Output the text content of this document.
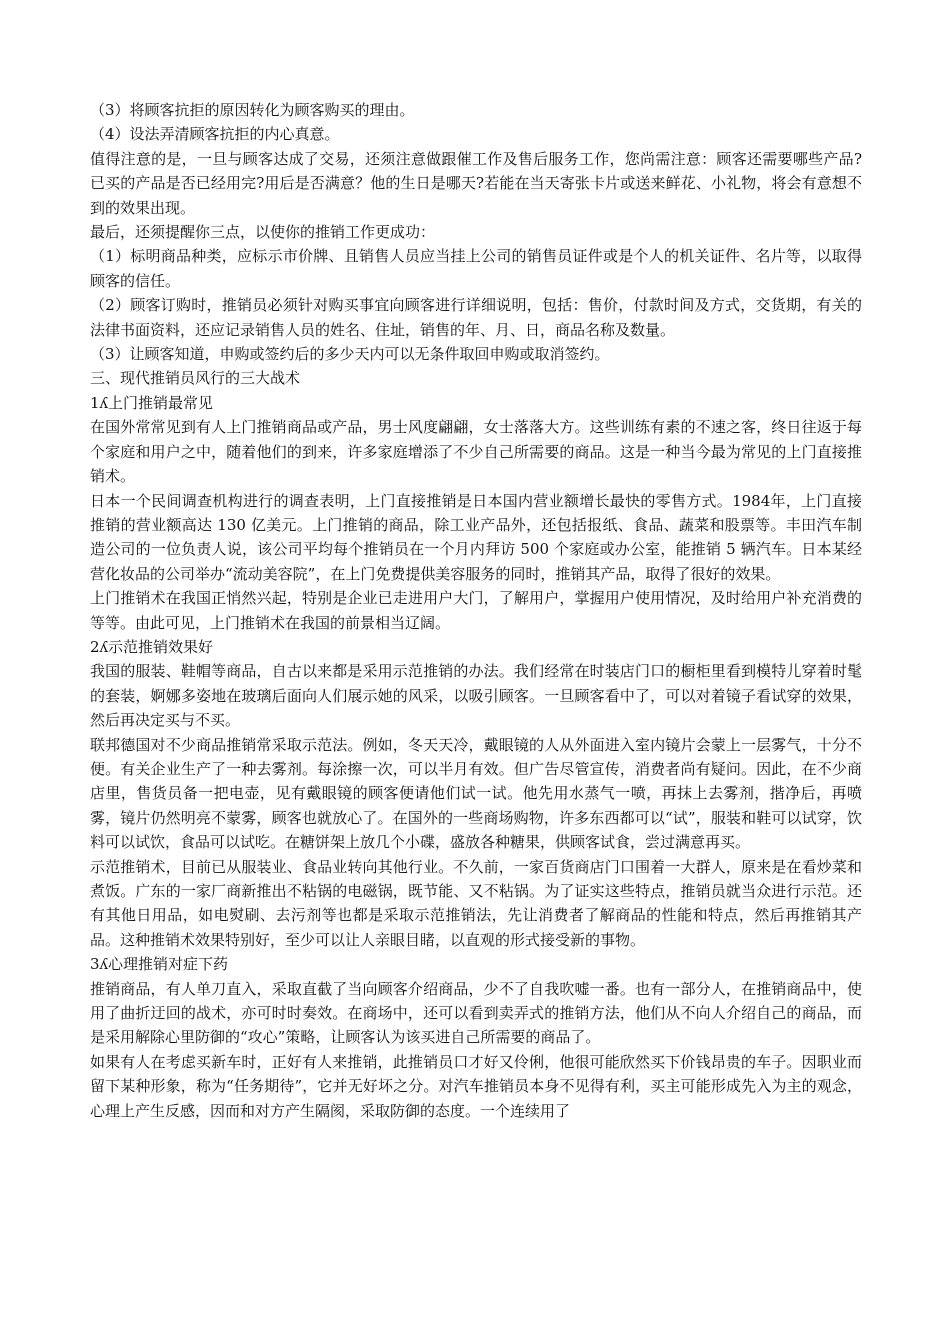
（3）将顾客抗拒的原因转化为顾客购买的理由。

（4）设法弄清顾客抗拒的内心真意。

值得注意的是，一旦与顾客达成了交易，还须注意做跟催工作及售后服务工作，您尚需注意：顾客还需要哪些产品?已买的产品是否已经用完?用后是否满意？他的生日是哪天?若能在当天寄张卡片或送来鲜花、小礼物，将会有意想不到的效果出现。

最后，还须提醒你三点，以使你的推销工作更成功：

（1）标明商品种类，应标示市价牌、且销售人员应当挂上公司的销售员证件或是个人的机关证件、名片等，以取得顾客的信任。

（2）顾客订购时，推销员必须针对购买事宜向顾客进行详细说明，包括：售价，付款时间及方式，交货期，有关的法律书面资料，还应记录销售人员的姓名、住址，销售的年、月、日，商品名称及数量。

（3）让顾客知道，申购或签约后的多少天内可以无条件取回申购或取消签约。

三、现代推销员风行的三大战术

1ʎ上门推销最常见

在国外常常见到有人上门推销商品或产品，男士风度翩翩，女士落落大方。这些训练有素的不速之客，终日往返于每个家庭和用户之中，随着他们的到来，许多家庭增添了不少自己所需要的商品。这是一种当今最为常见的上门直接推销术。

日本一个民间调查机构进行的调查表明，上门直接推销是日本国内营业额增长最快的零售方式。1984年，上门直接推销的营业额高达 130 亿美元。上门推销的商品，除工业产品外，还包括报纸、食品、蔬菜和股票等。丰田汽车制造公司的一位负责人说，该公司平均每个推销员在一个月内拜访 500 个家庭或办公室，能推销 5 辆汽车。日本某经营化妆品的公司举办“流动美容院”，在上门免费提供美容服务的同时，推销其产品，取得了很好的效果。

上门推销术在我国正悄然兴起，特别是企业已走进用户大门，了解用户，掌握用户使用情况，及时给用户补充消费的等等。由此可见，上门推销术在我国的前景相当辽阔。

2ʎ示范推销效果好

我国的服装、鞋帽等商品，自古以来都是采用示范推销的办法。我们经常在时装店门口的橱柜里看到模特儿穿着时髦的套装，婀娜多姿地在玻璃后面向人们展示她的风采，以吸引顾客。一旦顾客看中了，可以对着镜子看试穿的效果，然后再决定买与不买。

联邦德国对不少商品推销常采取示范法。例如，冬天天冷，戴眼镜的人从外面进入室内镜片会蒙上一层雾气，十分不便。有关企业生产了一种去雾剂。每涂擦一次，可以半月有效。但广告尽管宣传，消费者尚有疑问。因此，在不少商店里，售货员备一把电壶，见有戴眼镜的顾客便请他们试一试。他先用水蒸气一喷，再抹上去雾剂，揩净后，再喷雾，镜片仍然明亮不蒙雾，顾客也就放心了。在国外的一些商场购物，许多东西都可以“试”，服装和鞋可以试穿，饮料可以试饮，食品可以试吃。在糖饼架上放几个小碟，盛放各种糖果，供顾客试食，尝过满意再买。

示范推销术，目前已从服装业、食品业转向其他行业。不久前，一家百货商店门口围着一大群人，原来是在看炒菜和煮饭。广东的一家厂商新推出不粘锅的电磁锅，既节能、又不粘锅。为了证实这些特点，推销员就当众进行示范。还有其他日用品，如电熨刷、去污剂等也都是采取示范推销法，先让消费者了解商品的性能和特点，然后再推销其产品。这种推销术效果特别好，至少可以让人亲眼目睹，以直观的形式接受新的事物。

3ʎ心理推销对症下药

推销商品，有人单刀直入，采取直截了当向顾客介绍商品，少不了自我吹嘘一番。也有一部分人，在推销商品中，使用了曲折迂回的战术，亦可时时奏效。在商场中，还可以看到卖弄式的推销方法，他们从不向人介绍自己的商品，而是采用解除心里防御的“攻心”策略，让顾客认为该买进自己所需要的商品了。

如果有人在考虑买新车时，正好有人来推销，此推销员口才好又伶俐，他很可能欣然买下价钱昂贵的车子。因职业而留下某种形象，称为“任务期待”，它并无好坏之分。对汽车推销员本身不见得有利，买主可能形成先入为主的观念，心理上产生反感，因而和对方产生隔阂，采取防御的态度。一个连续用了
